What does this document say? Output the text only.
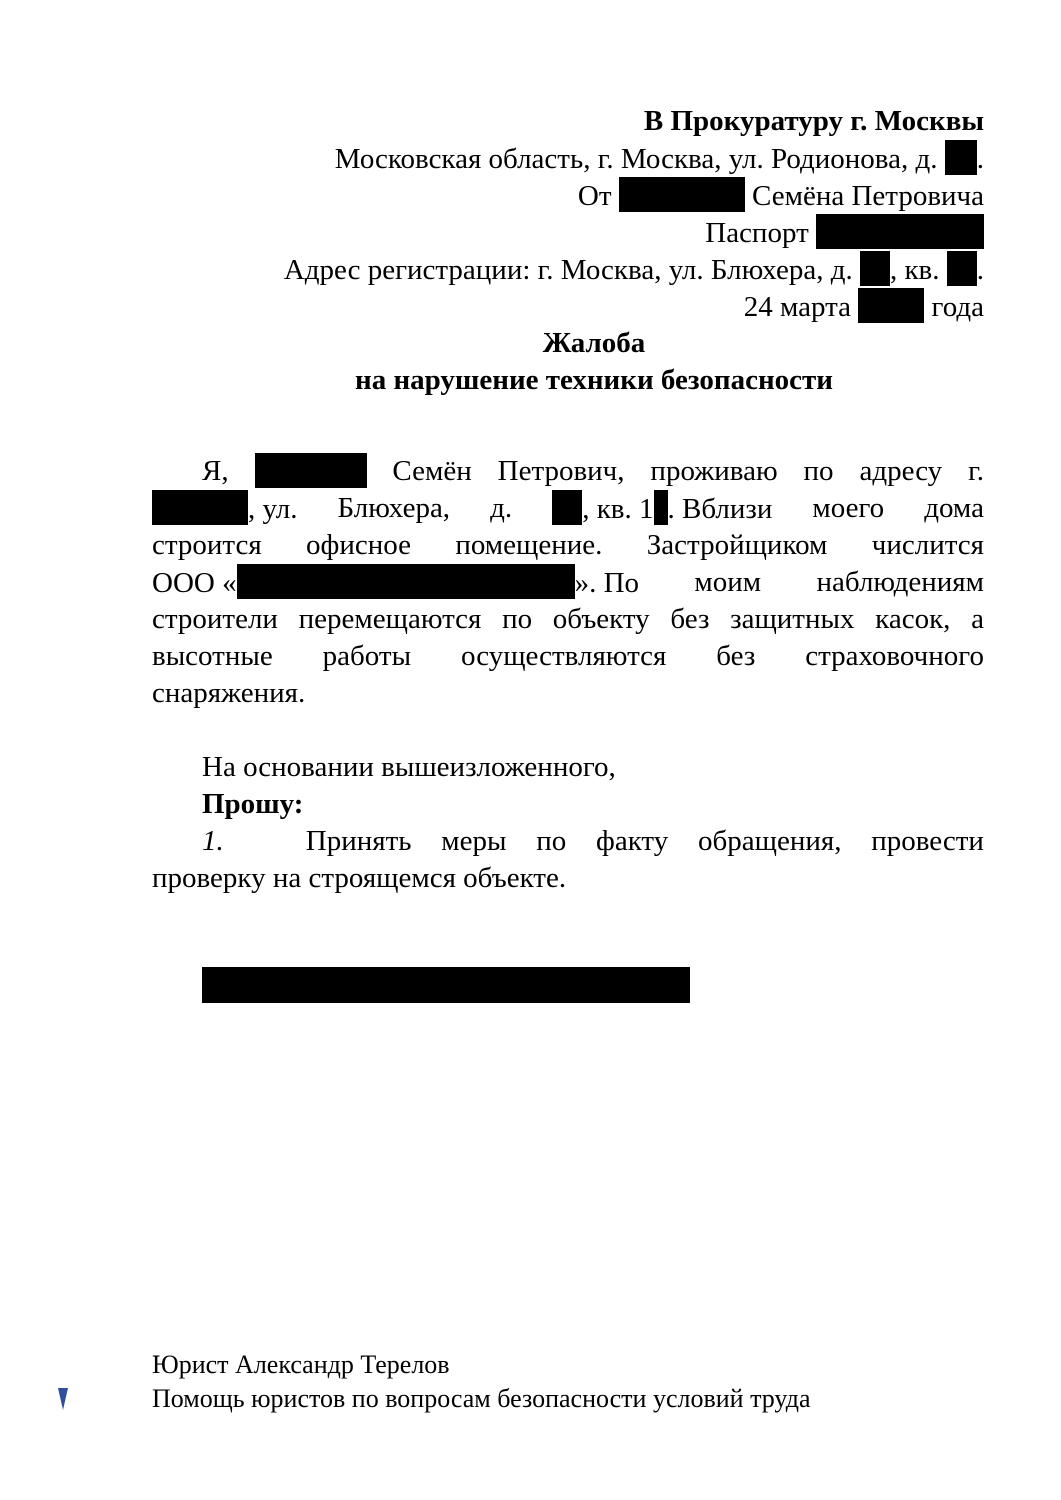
В Прокуратуру г. Москвы
Московская область, г. Москва, ул. Родионова, д. .
От	Семёна Петровича
Паспорт
Адрес регистрации: г. Москва, ул. Блюхера, д. , кв. .
24 марта	года
Жалоба
на нарушение техники безопасности
Я,	Семён Петрович, проживаю по адресу г.
, ул. Блюхера, д.	, кв. 1 . Вблизи моего дома
строится офисное помещение. Застройщиком числится
ООО «	». По моим наблюдениям
строители перемещаются по объекту без защитных касок, а
высотные работы осуществляются без страховочного
снаряжения.
На основании вышеизложенного,
Прошу:
1.	Принять меры по факту обращения, провести
проверку на строящемся объекте.
Юрист Александр Терелов
Помощь юристов по вопросам безопасности условий труда
